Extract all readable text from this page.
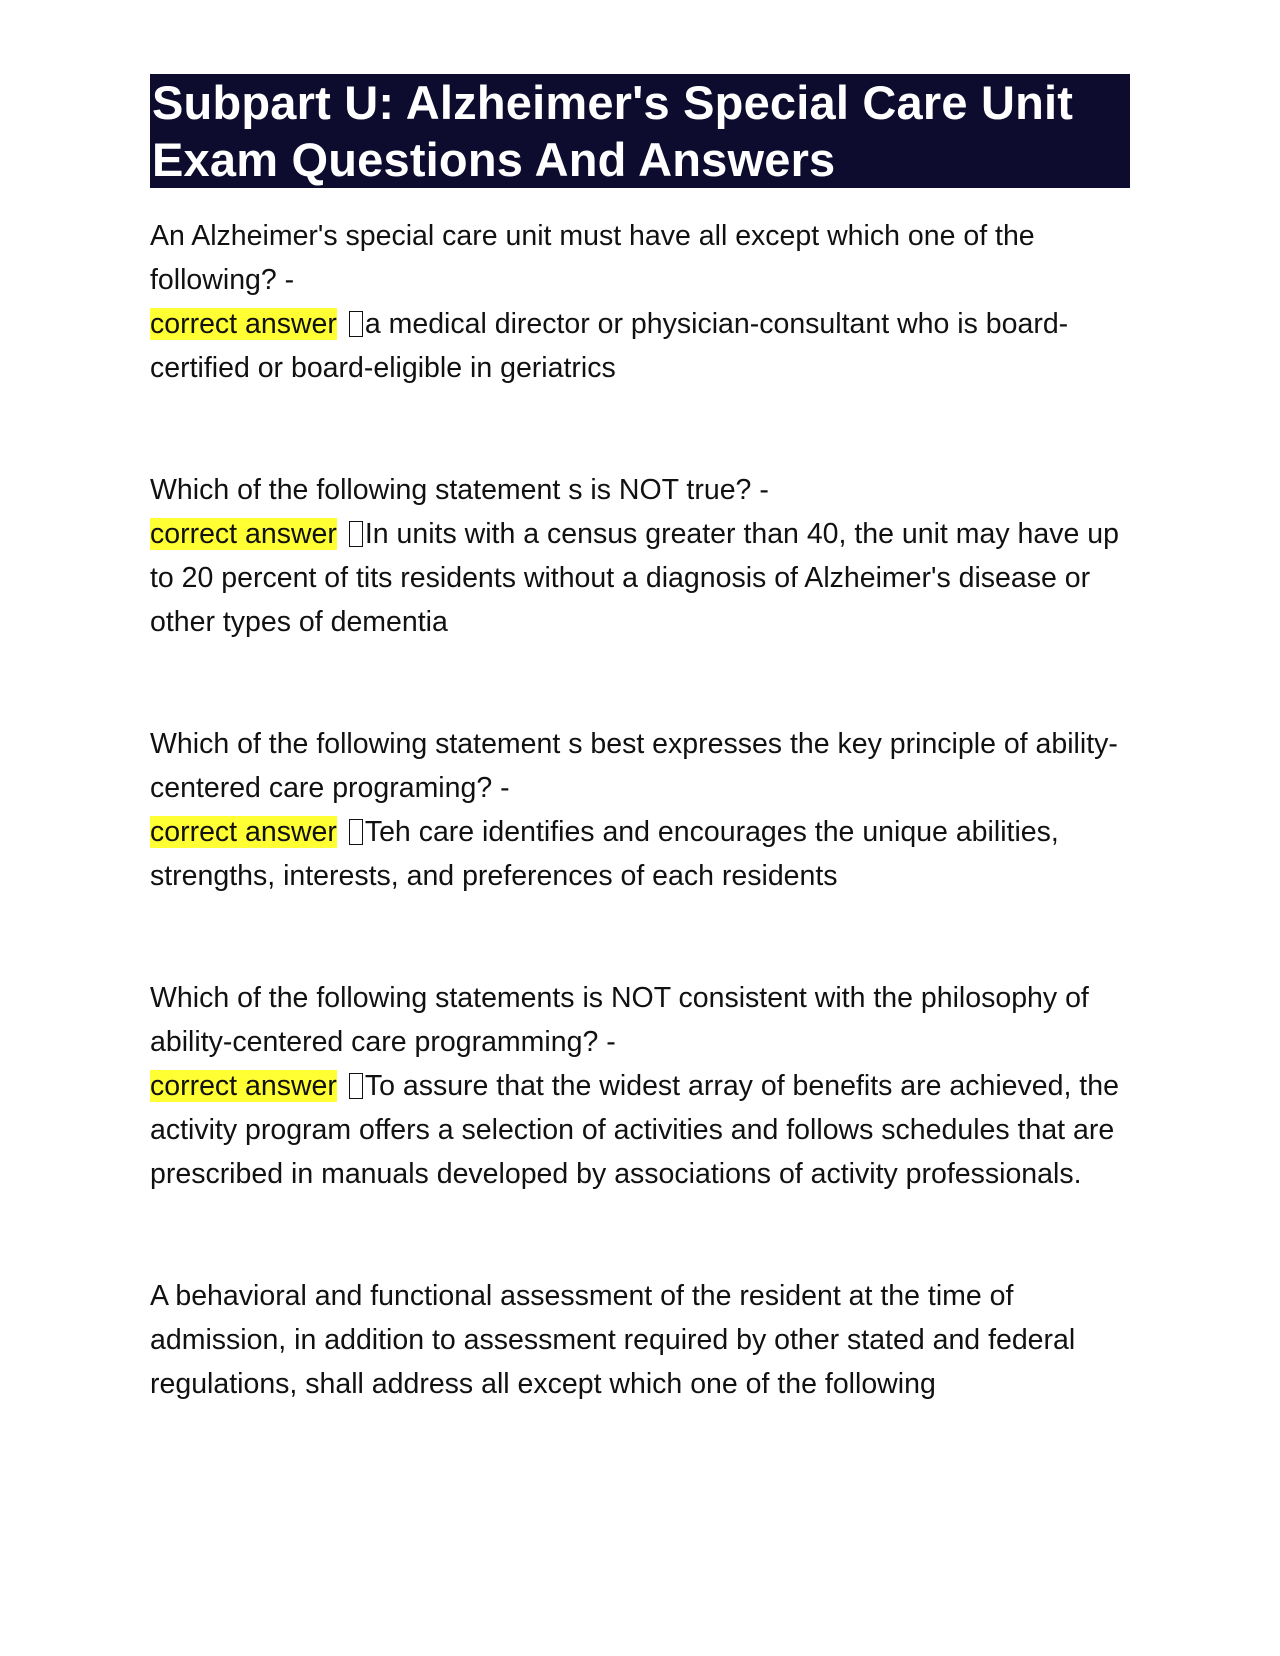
Subpart U: Alzheimer's Special Care Unit
Exam Questions And Answers
An Alzheimer's special care unit must have all except which one of the following? -
correct answer a medical director or physician-consultant who is board-certified or board-eligible in geriatrics
Which of the following statement s is NOT true? -
correct answer In units with a census greater than 40, the unit may have up to 20 percent of tits residents without a diagnosis of Alzheimer's disease or other types of dementia
Which of the following statement s best expresses the key principle of ability-centered care programing? -
correct answer Teh care identifies and encourages the unique abilities, strengths, interests, and preferences of each residents
Which of the following statements is NOT consistent with the philosophy of ability-centered care programming? -
correct answer To assure that the widest array of benefits are achieved, the activity program offers a selection of activities and follows schedules that are prescribed in manuals developed by associations of activity professionals.
A behavioral and functional assessment of the resident at the time of admission, in addition to assessment required by other stated and federal regulations, shall address all except which one of the following
